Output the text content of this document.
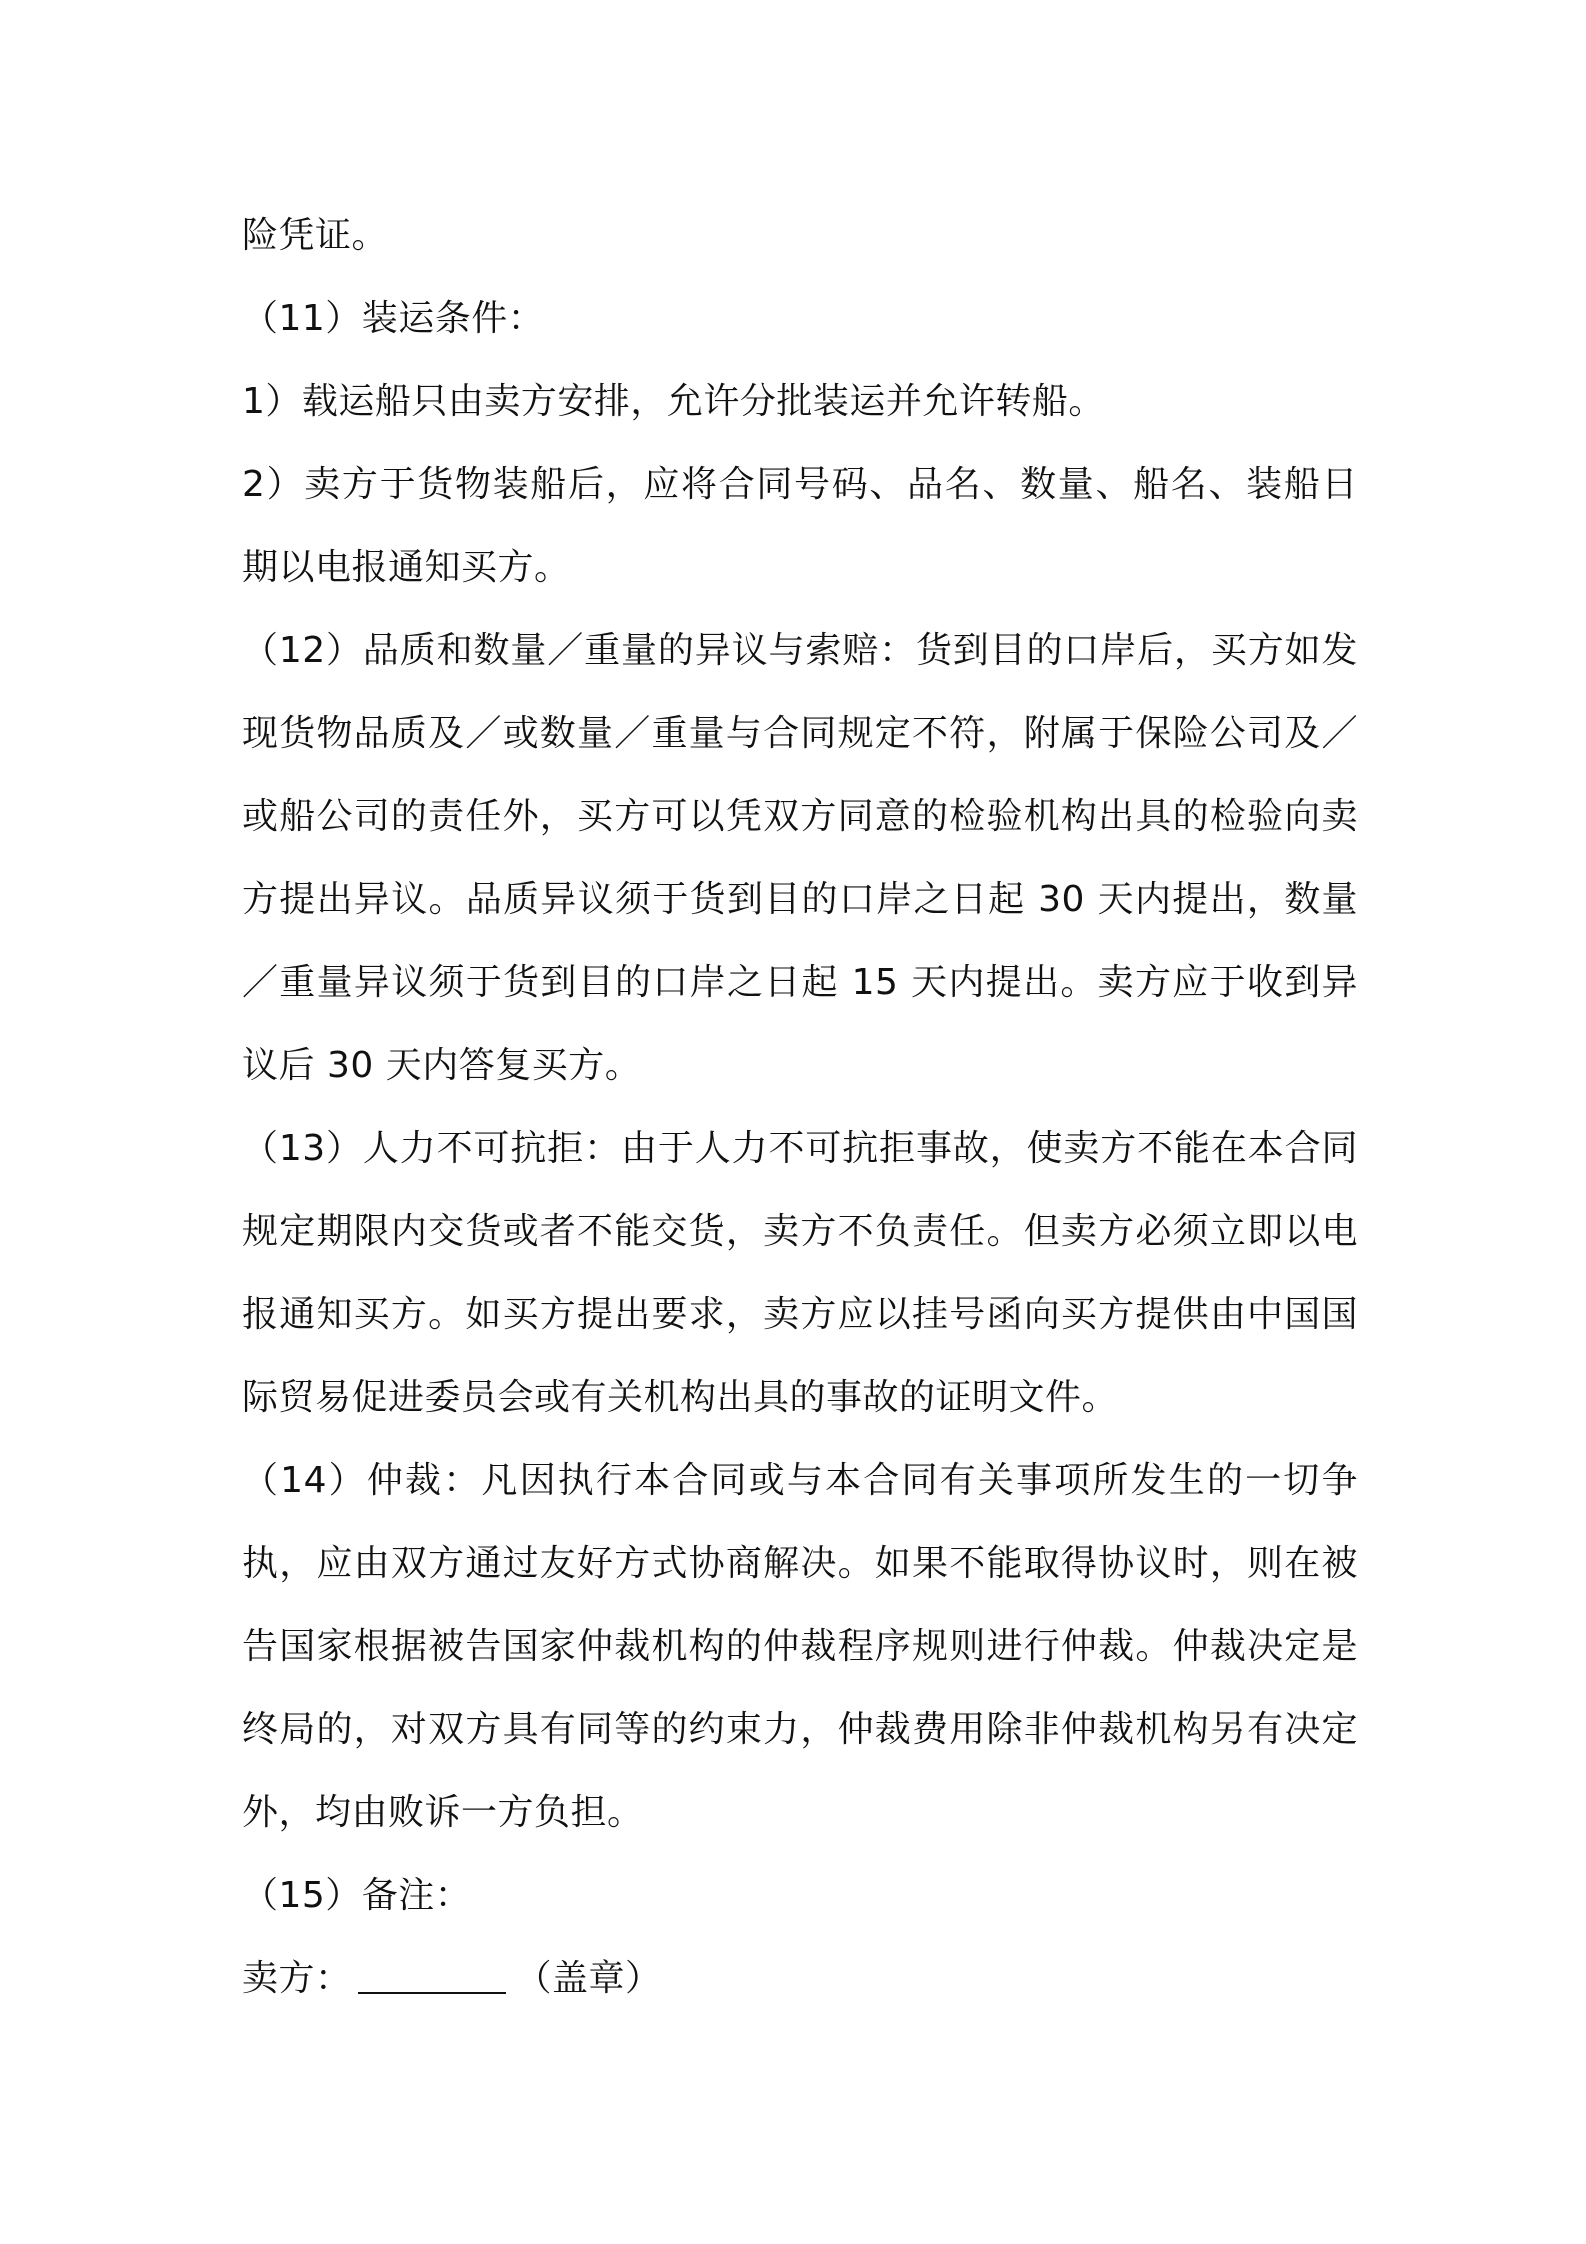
险凭证。

（11）装运条件：

1）载运船只由卖方安排，允许分批装运并允许转船。

2）卖方于货物装船后，应将合同号码、品名、数量、船名、装船日期以电报通知买方。

（12）品质和数量／重量的异议与索赔：货到目的口岸后，买方如发现货物品质及／或数量／重量与合同规定不符，附属于保险公司及／或船公司的责任外，买方可以凭双方同意的检验机构出具的检验向卖方提出异议。品质异议须于货到目的口岸之日起 30 天内提出，数量／重量异议须于货到目的口岸之日起 15 天内提出。卖方应于收到异议后 30 天内答复买方。

（13）人力不可抗拒：由于人力不可抗拒事故，使卖方不能在本合同规定期限内交货或者不能交货，卖方不负责任。但卖方必须立即以电报通知买方。如买方提出要求，卖方应以挂号函向买方提供由中国国际贸易促进委员会或有关机构出具的事故的证明文件。

（14）仲裁：凡因执行本合同或与本合同有关事项所发生的一切争执，应由双方通过友好方式协商解决。如果不能取得协议时，则在被告国家根据被告国家仲裁机构的仲裁程序规则进行仲裁。仲裁决定是终局的，对双方具有同等的约束力，仲裁费用除非仲裁机构另有决定外，均由败诉一方负担。

（15）备注：

卖方：	（盖章）
